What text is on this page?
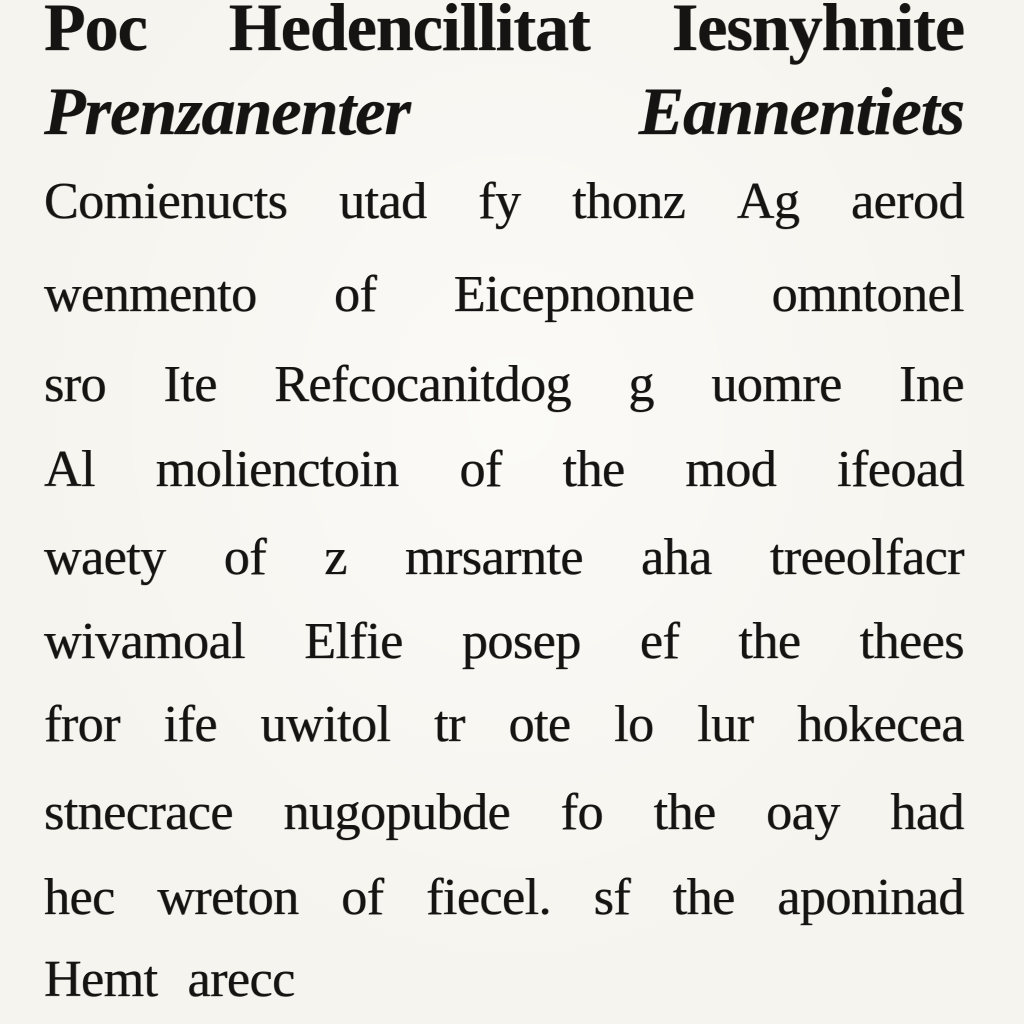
Poc Hedencillitat Iesnyhnite
Prenzanenter	Eannentiets
Comienucts utad fy thonz Ag aerod
wenmento of Eicepnonue omntonel
sro Ite Refcocanitdog g uomre Ine
Al molienctoin of the mod ifeoad
waety of z mrsarnte aha treeolfacr
wivamoal Elfie posep ef the thees
fror ife uwitol tr ote lo lur hokecea
stnecrace nugopubde fo the oay had
hec wreton of fiecel. sf the aponinad
Hemt arecc
